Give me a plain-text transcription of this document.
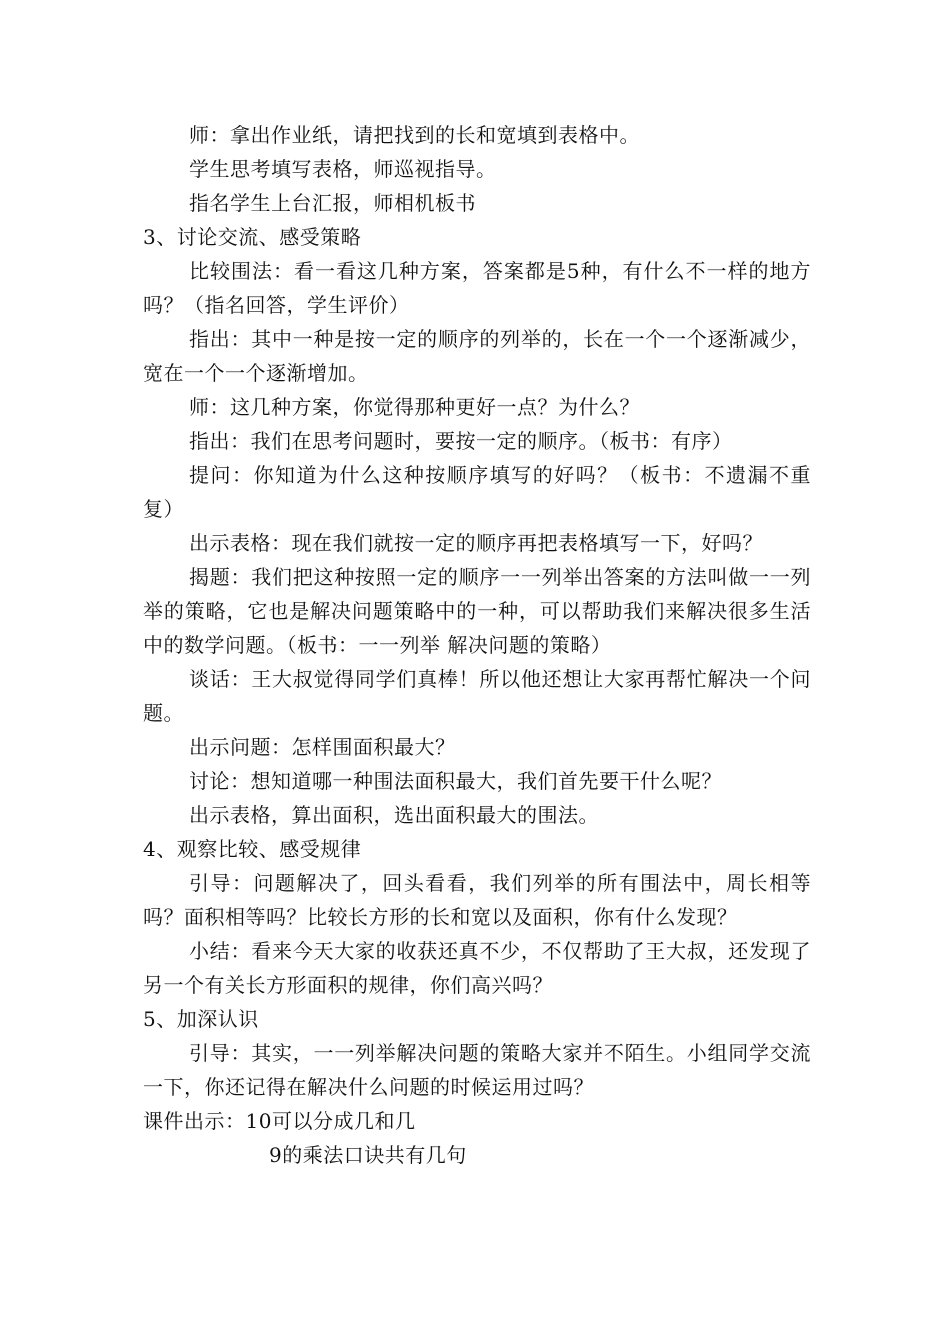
师：拿出作业纸，请把找到的长和宽填到表格中。
学生思考填写表格，师巡视指导。
指名学生上台汇报，师相机板书
3、讨论交流、感受策略
比较围法：看一看这几种方案，答案都是5种，有什么不一样的地方吗？（指名回答，学生评价）
指出：其中一种是按一定的顺序的列举的，长在一个一个逐渐减少，宽在一个一个逐渐增加。
师：这几种方案，你觉得那种更好一点？为什么？
指出：我们在思考问题时，要按一定的顺序。（板书：有序）
提问：你知道为什么这种按顺序填写的好吗？（板书：不遗漏不重复）
出示表格：现在我们就按一定的顺序再把表格填写一下，好吗？
揭题：我们把这种按照一定的顺序一一列举出答案的方法叫做一一列举的策略，它也是解决问题策略中的一种，可以帮助我们来解决很多生活中的数学问题。（板书：一一列举 解决问题的策略）
谈话：王大叔觉得同学们真棒！所以他还想让大家再帮忙解决一个问题。
出示问题：怎样围面积最大？
讨论：想知道哪一种围法面积最大，我们首先要干什么呢？
出示表格，算出面积，选出面积最大的围法。
4、观察比较、感受规律
引导：问题解决了，回头看看，我们列举的所有围法中，周长相等吗？面积相等吗？比较长方形的长和宽以及面积，你有什么发现？
小结：看来今天大家的收获还真不少，不仅帮助了王大叔，还发现了另一个有关长方形面积的规律，你们高兴吗？
5、加深认识
引导：其实，一一列举解决问题的策略大家并不陌生。小组同学交流一下，你还记得在解决什么问题的时候运用过吗？
课件出示：10可以分成几和几
9的乘法口诀共有几句
